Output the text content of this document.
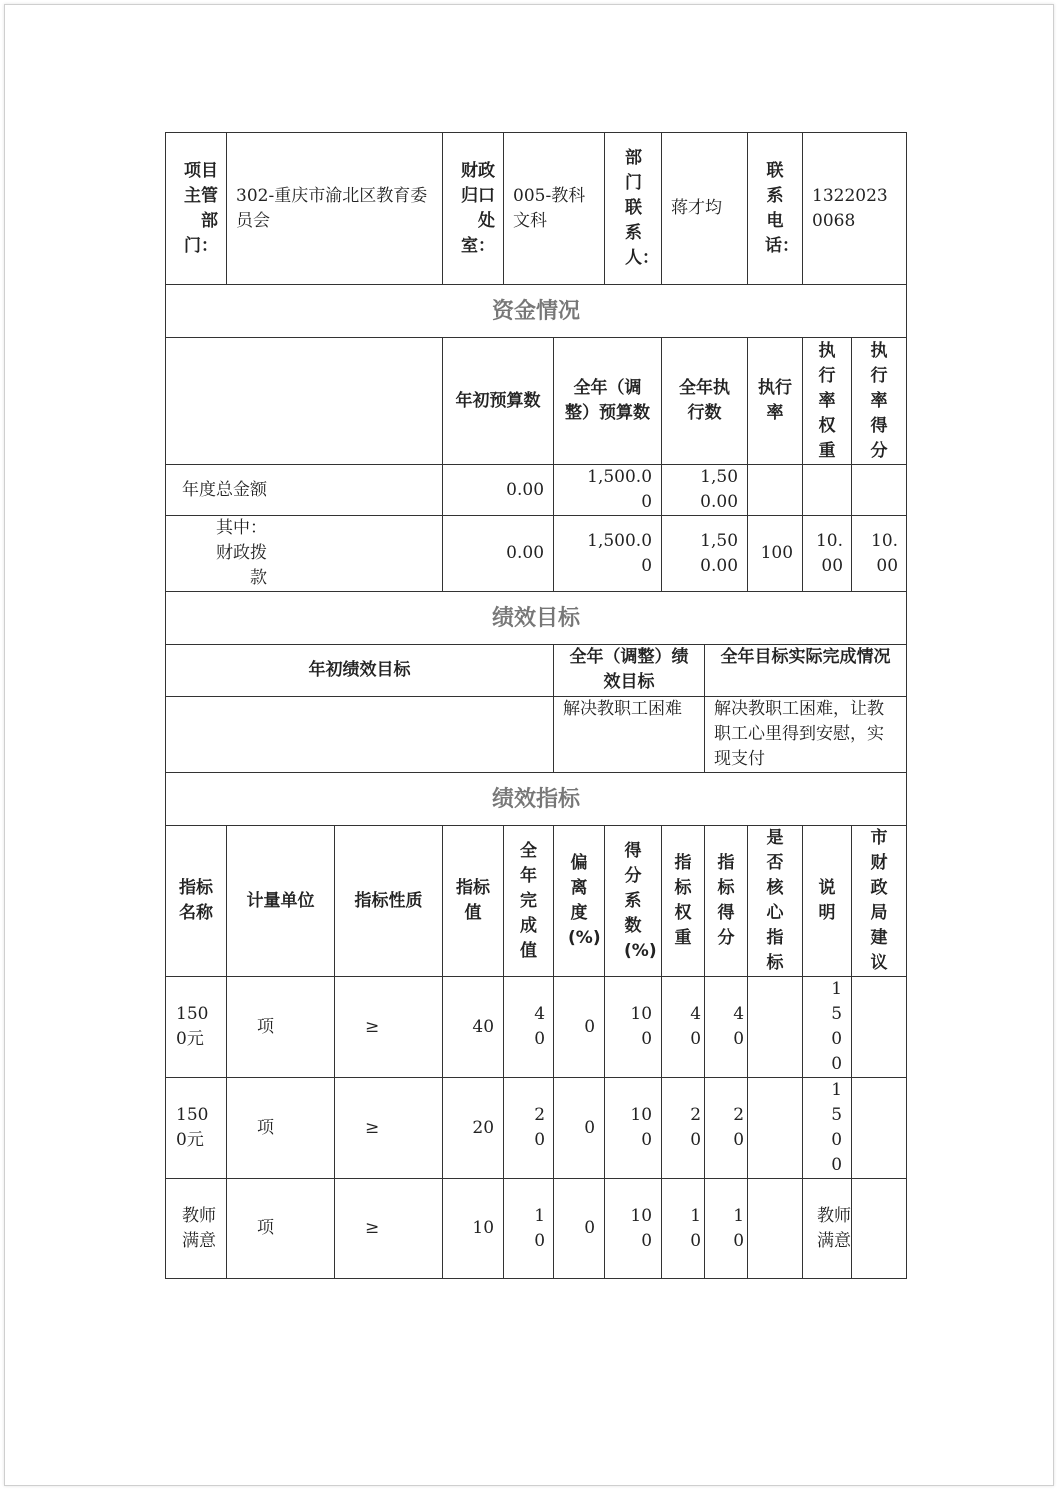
项目主管部门：	302-重庆市渝北区教育委员会		财政归口处室：	005-教科文科		部门联系人：	蒋才均		联系电话：	13220230068	
资金情况											
			年初预算数		全年（调整）预算数		全年执行数		执行率	执行率权重	执行率得分
年度总金额			0.00		1,500.00		1,500.00				
其中：财政拨款			0.00		1,500.00		1,500.00		100	10.00	10.00
绩效目标											
年初绩效目标					全年（调整）绩效目标			全年目标实际完成情况			
					解决教职工困难			解决教职工困难，让教职工心里得到安慰，实现支付			
绩效指标											
指标名称	计量单位	指标性质	指标值	全年完成值	偏离度(%)	得分系数(%)	指标权重	指标得分	是否核心指标	说明	市财政局建议
1500元	项	≥	40	40	0	100	40	40		1500	
1500元	项	≥	20	20	0	100	20	20		1500	
教师满意	项	≥	10	10	0	100	10	10		教师满意	
